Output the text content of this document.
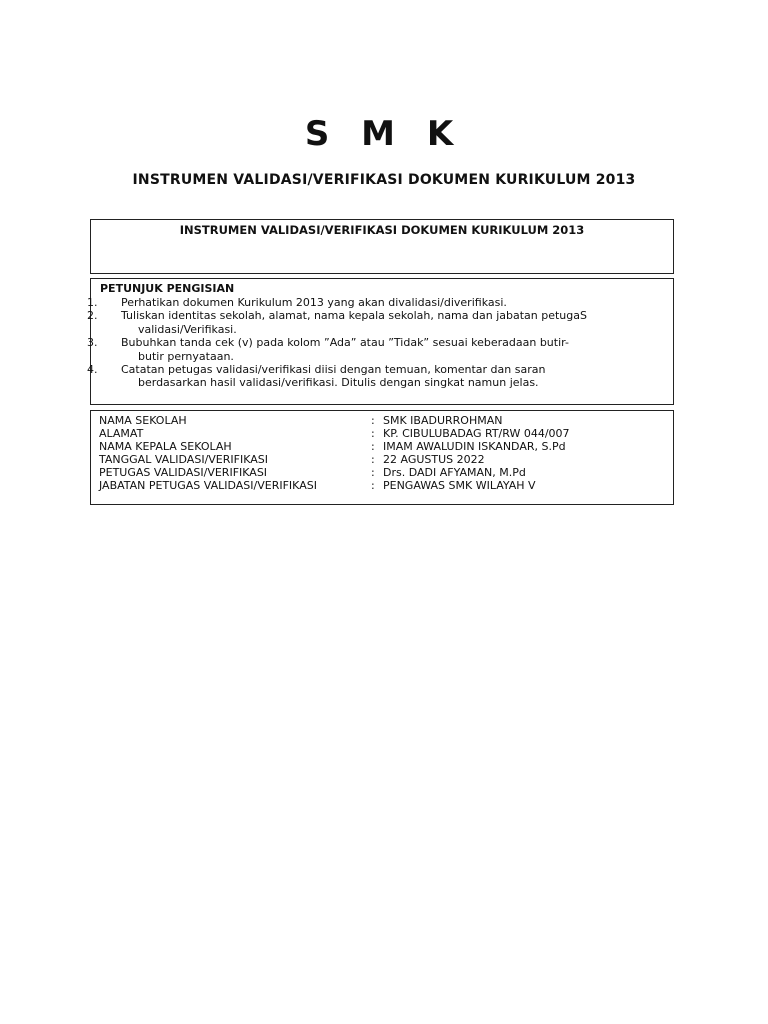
S M K
INSTRUMEN VALIDASI/VERIFIKASI DOKUMEN KURIKULUM 2013
INSTRUMEN VALIDASI/VERIFIKASI DOKUMEN KURIKULUM 2013
PETUNJUK PENGISIAN
1. Perhatikan dokumen Kurikulum 2013 yang akan divalidasi/diverifikasi.
2. Tuliskan identitas sekolah, alamat, nama kepala sekolah, nama dan jabatan petugaS
validasi/Verifikasi.
3. Bubuhkan tanda cek (v) pada kolom ”Ada” atau ”Tidak” sesuai keberadaan butir-
butir pernyataan.
4. Catatan petugas validasi/verifikasi diisi dengan temuan, komentar dan saran
berdasarkan hasil validasi/verifikasi. Ditulis dengan singkat namun jelas.
NAMA SEKOLAH	: SMK IBADURROHMAN
ALAMAT	: KP. CIBULUBADAG RT/RW 044/007
NAMA KEPALA SEKOLAH	: IMAM AWALUDIN ISKANDAR, S.Pd
TANGGAL VALIDASI/VERIFIKASI	: 22 AGUSTUS 2022
PETUGAS VALIDASI/VERIFIKASI	: Drs. DADI AFYAMAN, M.Pd
JABATAN PETUGAS VALIDASI/VERIFIKASI	: PENGAWAS SMK WILAYAH V
